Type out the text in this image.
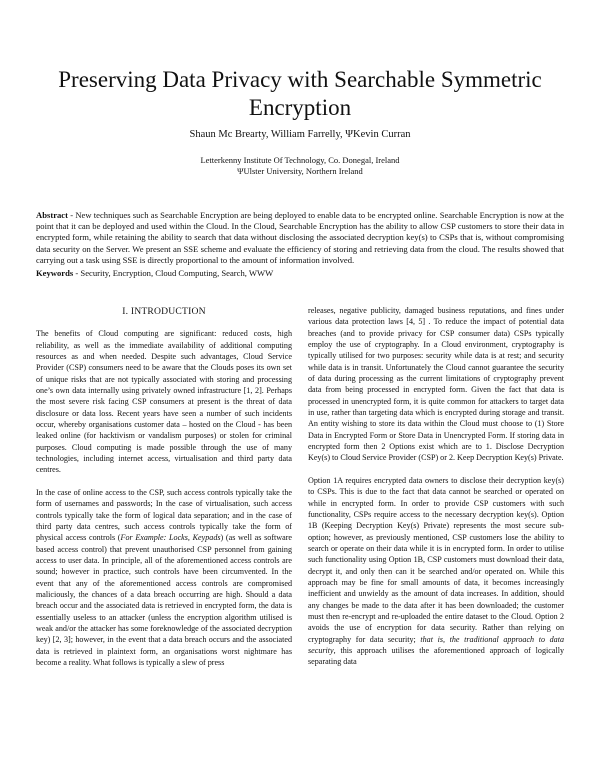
Preserving Data Privacy with Searchable Symmetric Encryption

Shaun Mc Brearty, William Farrelly, ΨKevin Curran

Letterkenny Institute Of Technology, Co. Donegal, Ireland

ΨUlster University, Northern Ireland

Abstract - New techniques such as Searchable Encryption are being deployed to enable data to be encrypted online. Searchable Encryption is now at the point that it can be deployed and used within the Cloud. In the Cloud, Searchable Encryption has the ability to allow CSP customers to store their data in encrypted form, while retaining the ability to search that data without disclosing the associated decryption key(s) to CSPs that is, without compromising data security on the Server. We present an SSE scheme and evaluate the efficiency of storing and retrieving data from the cloud. The results showed that carrying out a task using SSE is directly proportional to the amount of information involved.

Keywords - Security, Encryption, Cloud Computing, Search, WWW

I. INTRODUCTION

The benefits of Cloud computing are significant: reduced costs, high reliability, as well as the immediate availability of additional computing resources as and when needed. Despite such advantages, Cloud Service Provider (CSP) consumers need to be aware that the Clouds poses its own set of unique risks that are not typically associated with storing and processing one’s own data internally using privately owned infrastructure [1, 2]. Perhaps the most severe risk facing CSP consumers at present is the threat of data disclosure or data loss. Recent years have seen a number of such incidents occur, whereby organisations customer data – hosted on the Cloud - has been leaked online (for hacktivism or vandalism purposes) or stolen for criminal purposes. Cloud computing is made possible through the use of many technologies, including internet access, virtualisation and third party data centres.

In the case of online access to the CSP, such access controls typically take the form of usernames and passwords; In the case of virtualisation, such access controls typically take the form of logical data separation; and in the case of third party data centres, such access controls typically take the form of physical access controls (For Example: Locks, Keypads) (as well as software based access control) that prevent unauthorised CSP personnel from gaining access to user data. In principle, all of the aforementioned access controls are sound; however in practice, such controls have been circumvented. In the event that any of the aforementioned access controls are compromised maliciously, the chances of a data breach occurring are high. Should a data breach occur and the associated data is retrieved in encrypted form, the data is essentially useless to an attacker (unless the encryption algorithm utilised is weak and/or the attacker has some foreknowledge of the associated decryption key) [2, 3]; however, in the event that a data breach occurs and the associated data is retrieved in plaintext form, an organisations worst nightmare has become a reality. What follows is typically a slew of press

releases, negative publicity, damaged business reputations, and fines under various data protection laws [4, 5] . To reduce the impact of potential data breaches (and to provide privacy for CSP consumer data) CSPs typically employ the use of cryptography. In a Cloud environment, cryptography is typically utilised for two purposes: security while data is at rest; and security while data is in transit. Unfortunately the Cloud cannot guarantee the security of data during processing as the current limitations of cryptography prevent data from being processed in encrypted form. Given the fact that data is processed in unencrypted form, it is quite common for attackers to target data in use, rather than targeting data which is encrypted during storage and transit. An entity wishing to store its data within the Cloud must choose to (1) Store Data in Encrypted Form or Store Data in Unencrypted Form. If storing data in encrypted form then 2 Options exist which are to 1. Disclose Decryption Key(s) to Cloud Service Provider (CSP) or 2. Keep Decryption Key(s) Private.

Option 1A requires encrypted data owners to disclose their decryption key(s) to CSPs. This is due to the fact that data cannot be searched or operated on while in encrypted form. In order to provide CSP customers with such functionality, CSPs require access to the necessary decryption key(s). Option 1B (Keeping Decryption Key(s) Private) represents the most secure sub-option; however, as previously mentioned, CSP customers lose the ability to search or operate on their data while it is in encrypted form. In order to utilise such functionality using Option 1B, CSP customers must download their data, decrypt it, and only then can it be searched and/or operated on. While this approach may be fine for small amounts of data, it becomes increasingly inefficient and unwieldy as the amount of data increases. In addition, should any changes be made to the data after it has been downloaded; the customer must then re-encrypt and re-uploaded the entire dataset to the Cloud. Option 2 avoids the use of encryption for data security. Rather than relying on cryptography for data security; that is, the traditional approach to data security, this approach utilises the aforementioned approach of logically separating data
